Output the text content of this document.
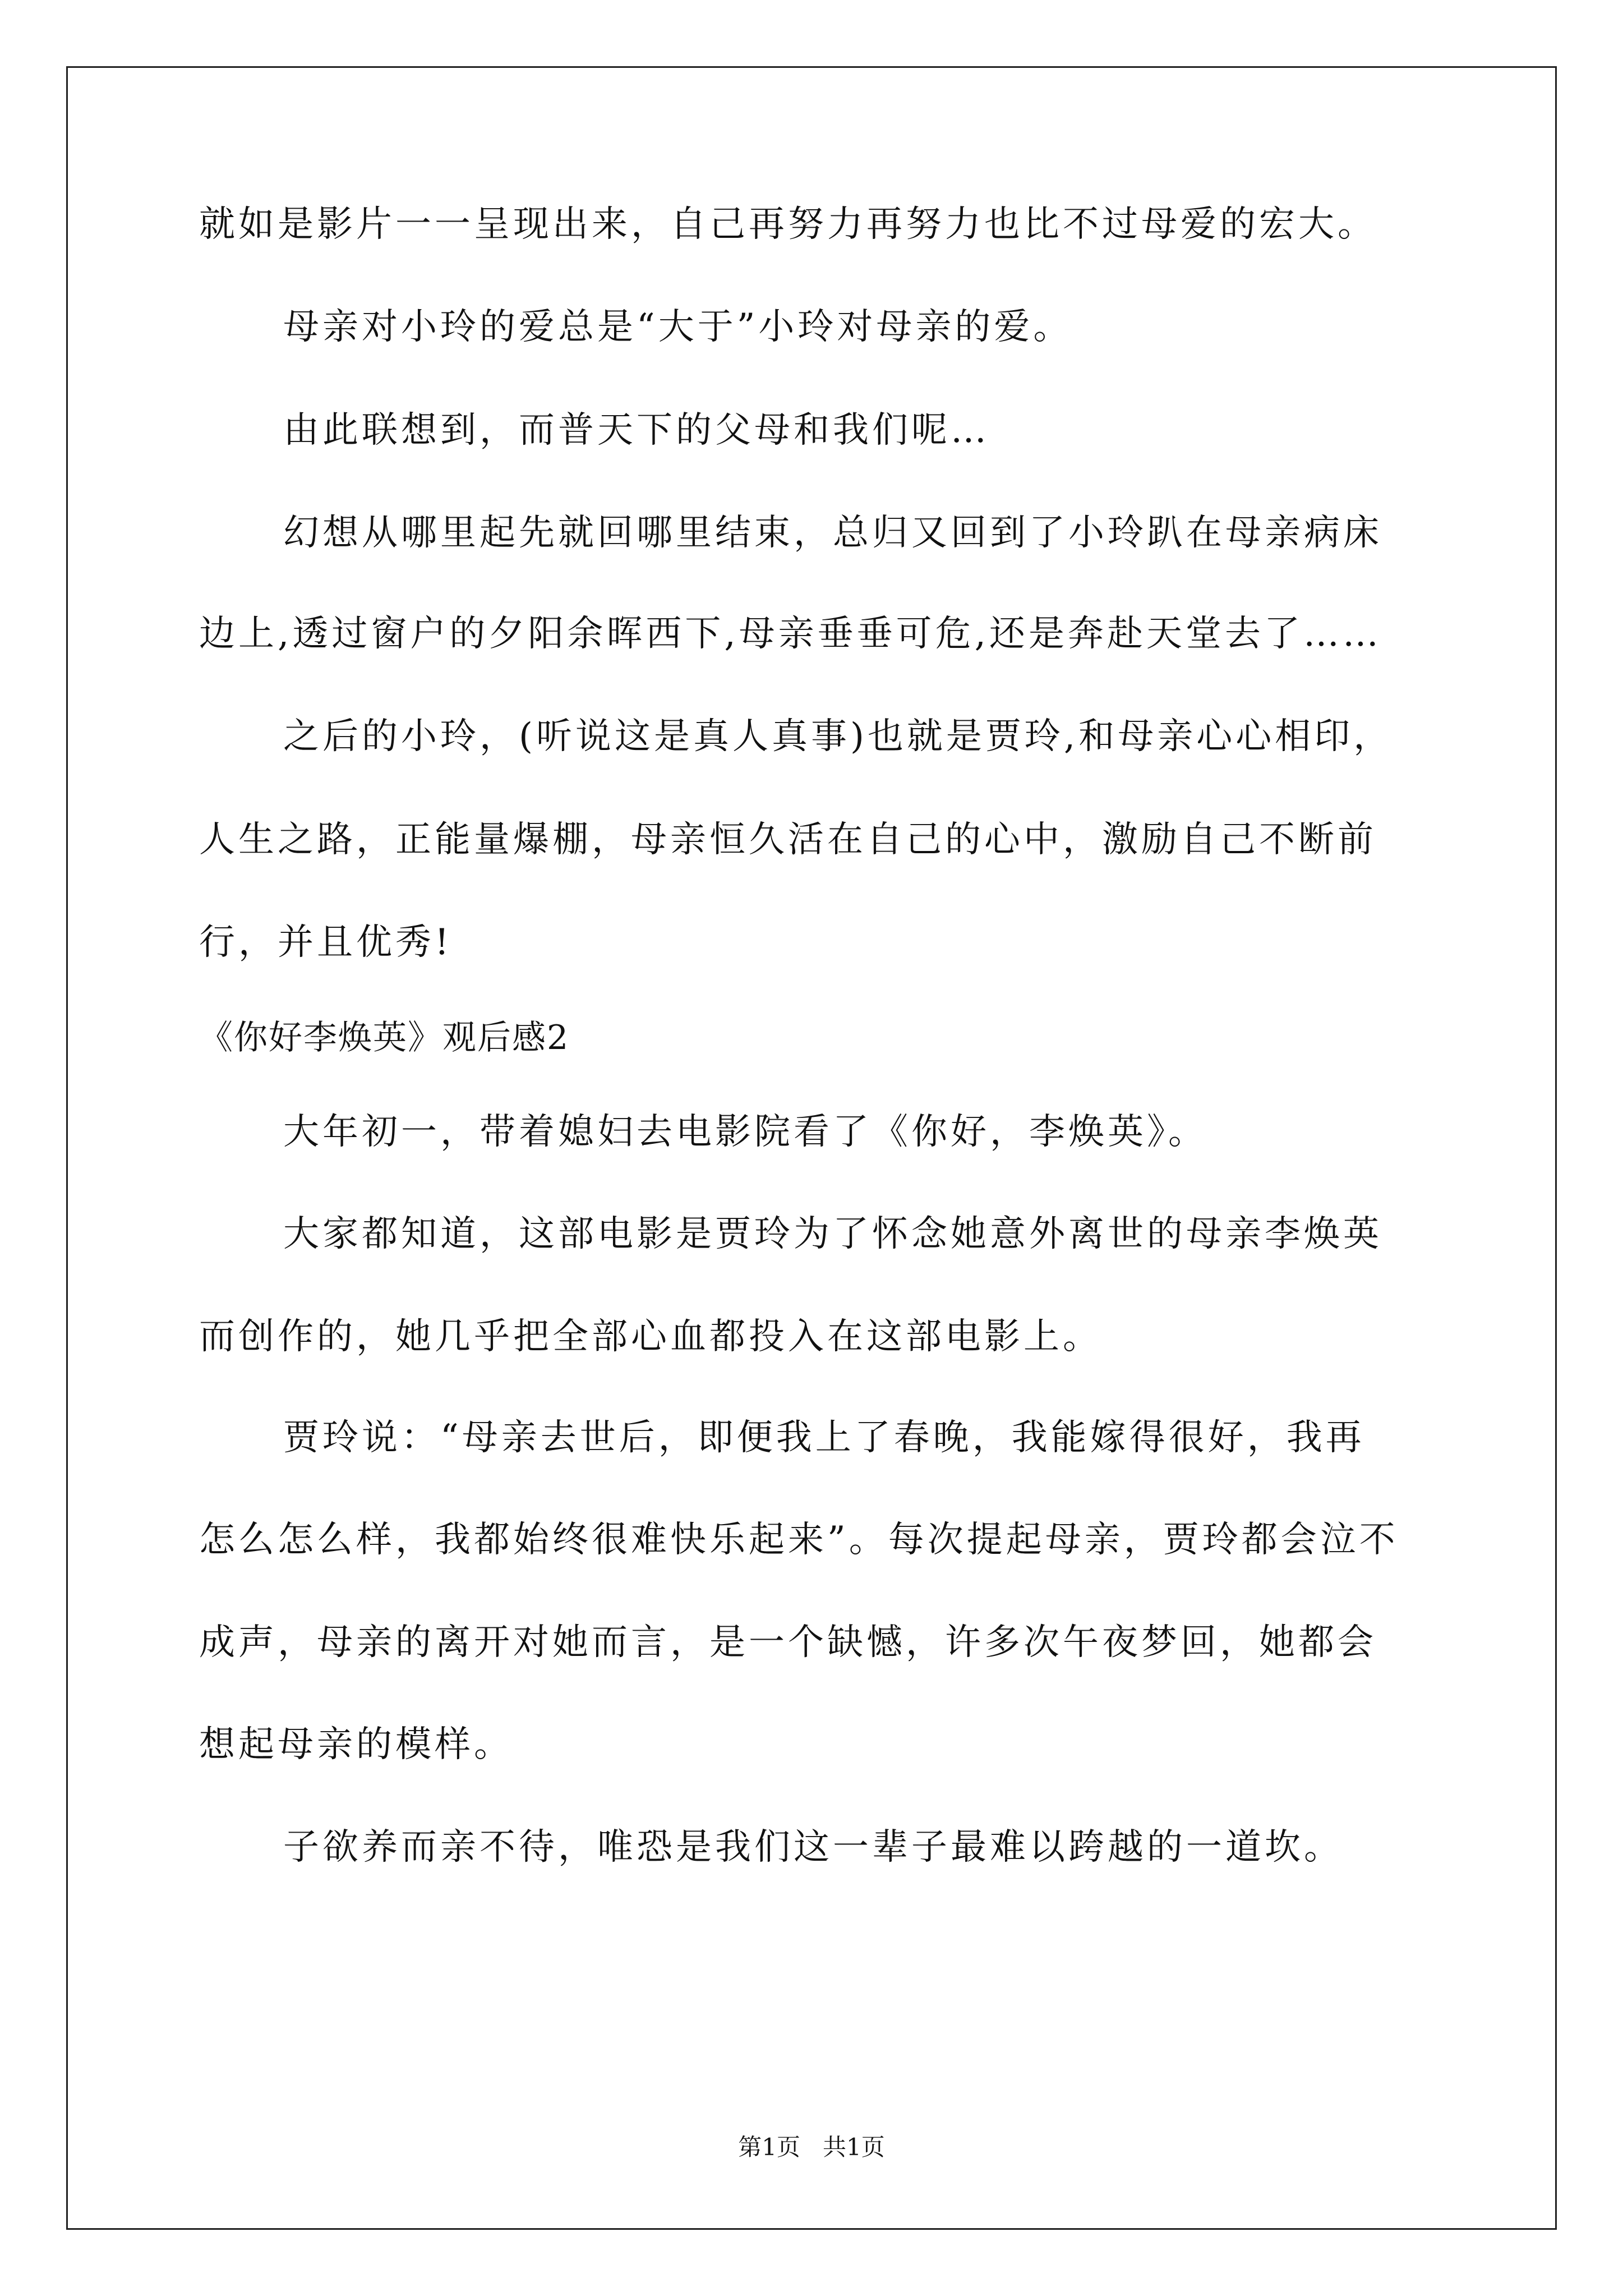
就如是影片一一呈现出来，自己再努力再努力也比不过母爱的宏大。
母亲对小玲的爱总是“大于”小玲对母亲的爱。
由此联想到，而普天下的父母和我们呢…
幻想从哪里起先就回哪里结束，总归又回到了小玲趴在母亲病床
边上,透过窗户的夕阳余晖西下,母亲垂垂可危,还是奔赴天堂去了……
之后的小玲，(听说这是真人真事)也就是贾玲,和母亲心心相印，
人生之路，正能量爆棚，母亲恒久活在自己的心中，激励自己不断前
行，并且优秀!
《你好李焕英》观后感2
大年初一，带着媳妇去电影院看了《你好，李焕英》。
大家都知道，这部电影是贾玲为了怀念她意外离世的母亲李焕英
而创作的，她几乎把全部心血都投入在这部电影上。
贾玲说：“母亲去世后，即便我上了春晚，我能嫁得很好，我再
怎么怎么样，我都始终很难快乐起来”。每次提起母亲，贾玲都会泣不
成声，母亲的离开对她而言，是一个缺憾，许多次午夜梦回，她都会
想起母亲的模样。
子欲养而亲不待，唯恐是我们这一辈子最难以跨越的一道坎。
第1页   共1页
